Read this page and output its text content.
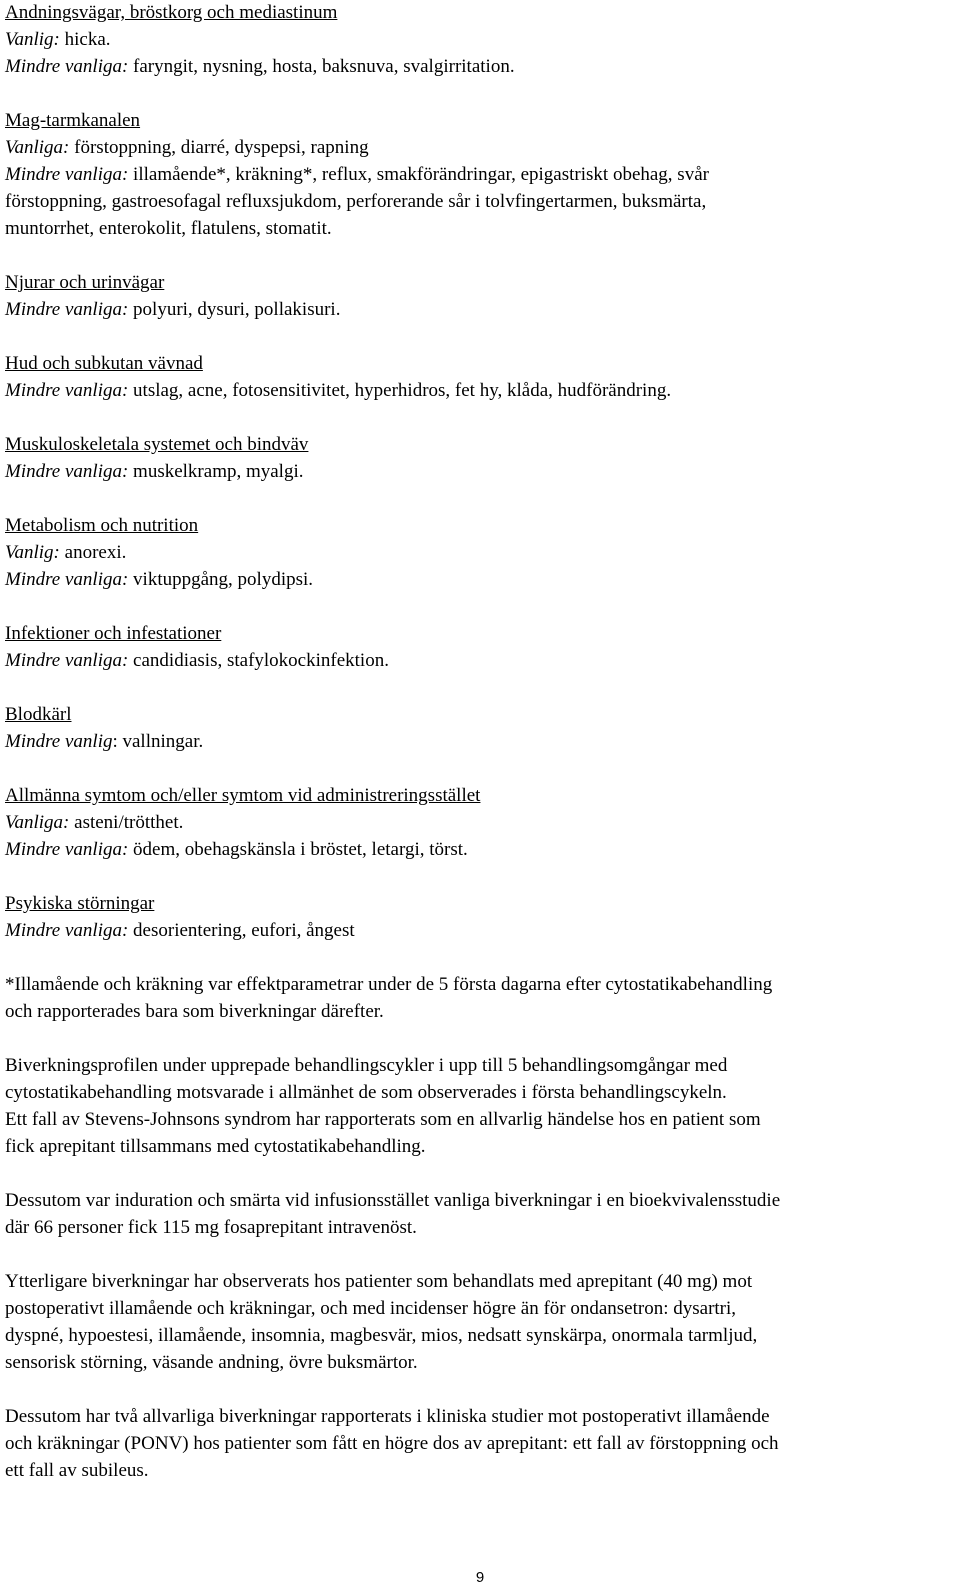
Andningsvägar, bröstkorg och mediastinum
Vanlig: hicka.
Mindre vanliga: faryngit, nysning, hosta, baksnuva, svalgirritation.
Mag-tarmkanalen
Vanliga: förstoppning, diarré, dyspepsi, rapning
Mindre vanliga: illamående*, kräkning*, reflux, smakförändringar, epigastriskt obehag, svår
förstoppning, gastroesofagal refluxsjukdom, perforerande sår i tolvfingertarmen, buksmärta,
muntorrhet, enterokolit, flatulens, stomatit.
Njurar och urinvägar
Mindre vanliga: polyuri, dysuri, pollakisuri.
Hud och subkutan vävnad
Mindre vanliga: utslag, acne, fotosensitivitet, hyperhidros, fet hy, klåda, hudförändring.
Muskuloskeletala systemet och bindväv
Mindre vanliga: muskelkramp, myalgi.
Metabolism och nutrition
Vanlig: anorexi.
Mindre vanliga: viktuppgång, polydipsi.
Infektioner och infestationer
Mindre vanliga: candidiasis, stafylokockinfektion.
Blodkärl
Mindre vanlig: vallningar.
Allmänna symtom och/eller symtom vid administreringsstället
Vanliga: asteni/trötthet.
Mindre vanliga: ödem, obehagskänsla i bröstet, letargi, törst.
Psykiska störningar
Mindre vanliga: desorientering, eufori, ångest
*Illamående och kräkning var effektparametrar under de 5 första dagarna efter cytostatikabehandling
och rapporterades bara som biverkningar därefter.
Biverkningsprofilen under upprepade behandlingscykler i upp till 5 behandlingsomgångar med
cytostatikabehandling motsvarade i allmänhet de som observerades i första behandlingscykeln.
Ett fall av Stevens-Johnsons syndrom har rapporterats som en allvarlig händelse hos en patient som
fick aprepitant tillsammans med cytostatikabehandling.
Dessutom var induration och smärta vid infusionsstället vanliga biverkningar i en bioekvivalensstudie
där 66 personer fick 115 mg fosaprepitant intravenöst.
Ytterligare biverkningar har observerats hos patienter som behandlats med aprepitant (40 mg) mot
postoperativt illamående och kräkningar, och med incidenser högre än för ondansetron: dysartri,
dyspné, hypoestesi, illamående, insomnia, magbesvär, mios, nedsatt synskärpa, onormala tarmljud,
sensorisk störning, väsande andning, övre buksmärtor.
Dessutom har två allvarliga biverkningar rapporterats i kliniska studier mot postoperativt illamående
och kräkningar (PONV) hos patienter som fått en högre dos av aprepitant: ett fall av förstoppning och
ett fall av subileus.
9
